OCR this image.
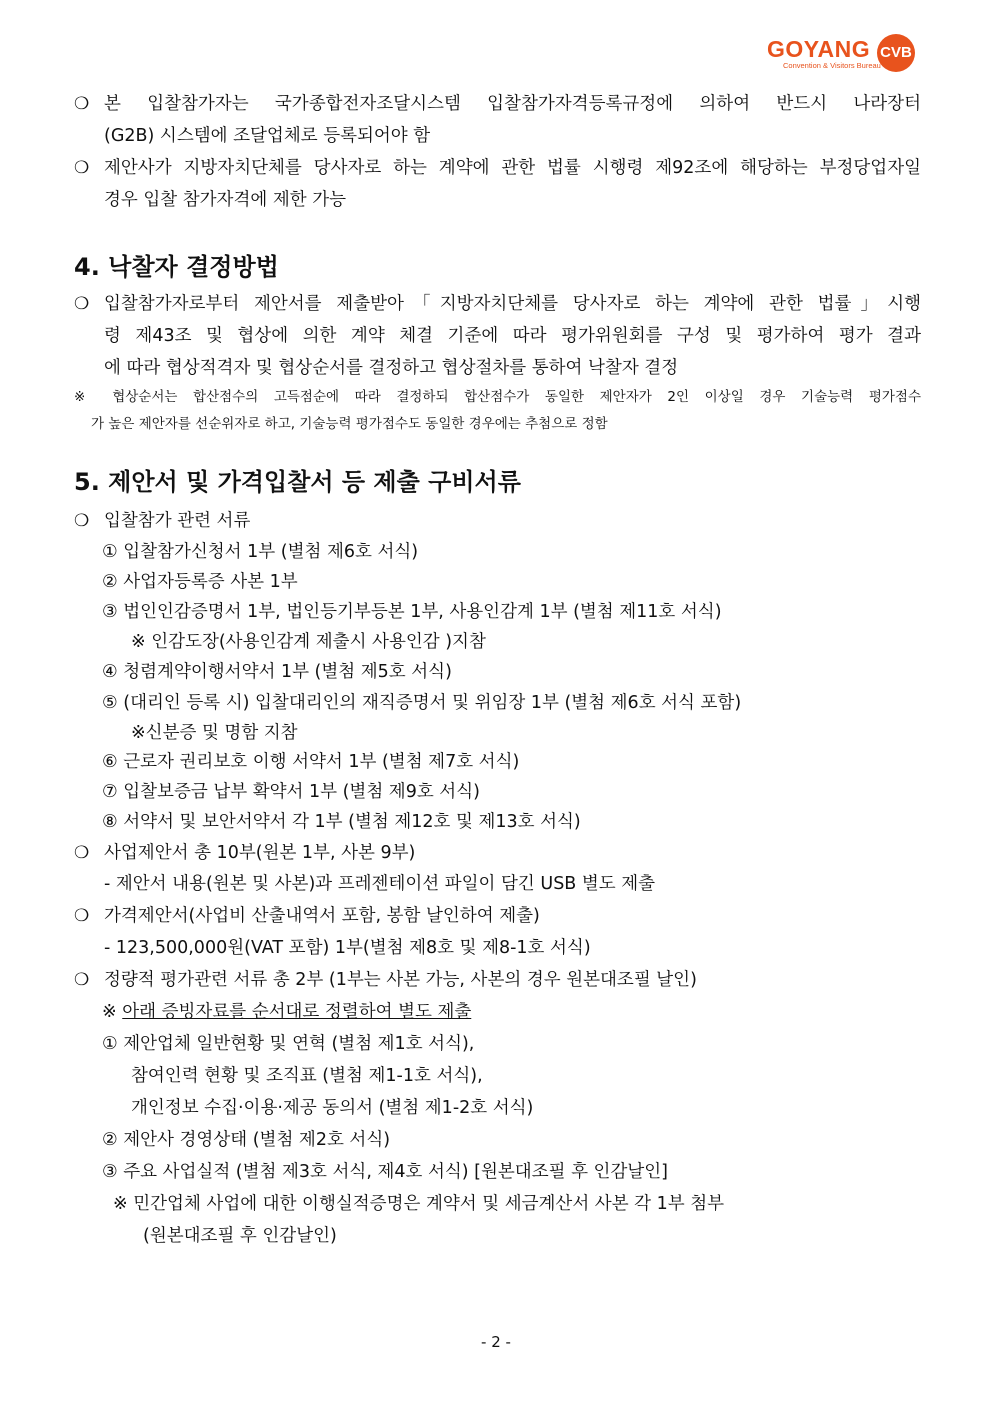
GOYANG CVB
Convention & Visitors Bureau
❍ 본 입찰참가자는 국가종합전자조달시스템 입찰참가자격등록규정에 의하여 반드시 나라장터
(G2B) 시스템에 조달업체로 등록되어야 함
❍ 제안사가 지방자치단체를 당사자로 하는 계약에 관한 법률 시행령 제92조에 해당하는 부정당업자일
경우 입찰 참가자격에 제한 가능
4. 낙찰자 결정방법
❍ 입찰참가자로부터 제안서를 제출받아「지방자치단체를 당사자로 하는 계약에 관한 법률」시행
령 제43조 및 협상에 의한 계약 체결 기준에 따라 평가위원회를 구성 및 평가하여 평가 결과
에 따라 협상적격자 및 협상순서를 결정하고 협상절차를 통하여 낙찰자 결정
※ 협상순서는 합산점수의 고득점순에 따라 결정하되 합산점수가 동일한 제안자가 2인 이상일 경우 기술능력 평가점수
가 높은 제안자를 선순위자로 하고, 기술능력 평가점수도 동일한 경우에는 추첨으로 정함
5. 제안서 및 가격입찰서 등 제출 구비서류
❍ 입찰참가 관련 서류
① 입찰참가신청서 1부 (별첨 제6호 서식)
② 사업자등록증 사본 1부
③ 법인인감증명서 1부, 법인등기부등본 1부, 사용인감계 1부 (별첨 제11호 서식)
※ 인감도장(사용인감계 제출시 사용인감 )지참
④ 청렴계약이행서약서 1부 (별첨 제5호 서식)
⑤ (대리인 등록 시) 입찰대리인의 재직증명서 및 위임장 1부 (별첨 제6호 서식 포함)
※신분증 및 명함 지참
⑥ 근로자 권리보호 이행 서약서 1부 (별첨 제7호 서식)
⑦ 입찰보증금 납부 확약서 1부 (별첨 제9호 서식)
⑧ 서약서 및 보안서약서 각 1부 (별첨 제12호 및 제13호 서식)
❍ 사업제안서 총 10부(원본 1부, 사본 9부)
- 제안서 내용(원본 및 사본)과 프레젠테이션 파일이 담긴 USB 별도 제출
❍ 가격제안서(사업비 산출내역서 포함, 봉함 날인하여 제출)
- 123,500,000원(VAT 포함) 1부(별첨 제8호 및 제8-1호 서식)
❍ 정량적 평가관련 서류 총 2부 (1부는 사본 가능, 사본의 경우 원본대조필 날인)
※ 아래 증빙자료를 순서대로 정렬하여 별도 제출
① 제안업체 일반현황 및 연혁 (별첨 제1호 서식),
참여인력 현황 및 조직표 (별첨 제1-1호 서식),
개인정보 수집·이용·제공 동의서 (별첨 제1-2호 서식)
② 제안사 경영상태 (별첨 제2호 서식)
③ 주요 사업실적 (별첨 제3호 서식, 제4호 서식) [원본대조필 후 인감날인]
※ 민간업체 사업에 대한 이행실적증명은 계약서 및 세금계산서 사본 각 1부 첨부
(원본대조필 후 인감날인)
- 2 -
